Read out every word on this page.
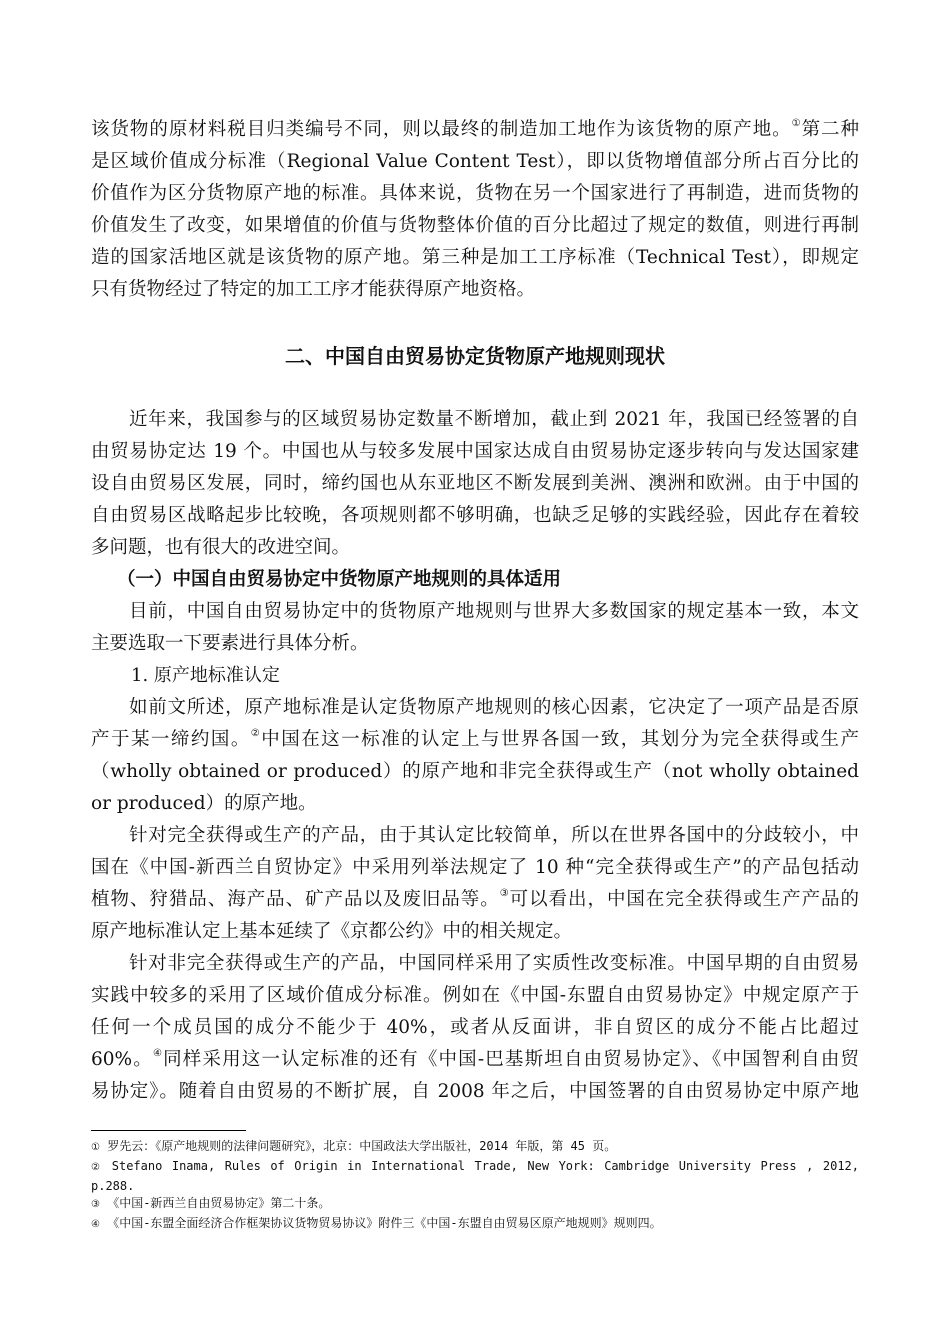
该货物的原材料税目归类编号不同，则以最终的制造加工地作为该货物的原产地。①第二种
是区域价值成分标准（Regional Value Content Test），即以货物增值部分所占百分比的
价值作为区分货物原产地的标准。具体来说，货物在另一个国家进行了再制造，进而货物的
价值发生了改变，如果增值的价值与货物整体价值的百分比超过了规定的数值，则进行再制
造的国家活地区就是该货物的原产地。第三种是加工工序标准（Technical Test），即规定
只有货物经过了特定的加工工序才能获得原产地资格。
二、中国自由贸易协定货物原产地规则现状
近年来，我国参与的区域贸易协定数量不断增加，截止到 2021 年，我国已经签署的自
由贸易协定达 19 个。中国也从与较多发展中国家达成自由贸易协定逐步转向与发达国家建
设自由贸易区发展，同时，缔约国也从东亚地区不断发展到美洲、澳洲和欧洲。由于中国的
自由贸易区战略起步比较晚，各项规则都不够明确，也缺乏足够的实践经验，因此存在着较
多问题，也有很大的改进空间。
（一）中国自由贸易协定中货物原产地规则的具体适用
目前，中国自由贸易协定中的货物原产地规则与世界大多数国家的规定基本一致，本文
主要选取一下要素进行具体分析。
1. 原产地标准认定
如前文所述，原产地标准是认定货物原产地规则的核心因素，它决定了一项产品是否原
产于某一缔约国。②中国在这一标准的认定上与世界各国一致，其划分为完全获得或生产
（wholly obtained or produced）的原产地和非完全获得或生产（not wholly obtained
or produced）的原产地。
针对完全获得或生产的产品，由于其认定比较简单，所以在世界各国中的分歧较小，中
国在《中国-新西兰自贸协定》中采用列举法规定了 10 种“完全获得或生产”的产品包括动
植物、狩猎品、海产品、矿产品以及废旧品等。③可以看出，中国在完全获得或生产产品的
原产地标准认定上基本延续了《京都公约》中的相关规定。
针对非完全获得或生产的产品，中国同样采用了实质性改变标准。中国早期的自由贸易
实践中较多的采用了区域价值成分标准。例如在《中国-东盟自由贸易协定》中规定原产于
任何一个成员国的成分不能少于 40%，或者从反面讲，非自贸区的成分不能占比超过
60%。④同样采用这一认定标准的还有《中国-巴基斯坦自由贸易协定》、《中国智利自由贸
易协定》。随着自由贸易的不断扩展，自 2008 年之后，中国签署的自由贸易协定中原产地
① 罗先云：《原产地规则的法律问题研究》，北京：中国政法大学出版社，2014 年版，第 45 页。
② Stefano Inama, Rules of Origin in International Trade, New York: Cambridge University Press , 2012,
p.288.
③ 《中国-新西兰自由贸易协定》第二十条。
④ 《中国-东盟全面经济合作框架协议货物贸易协议》附件三《中国-东盟自由贸易区原产地规则》规则四。
